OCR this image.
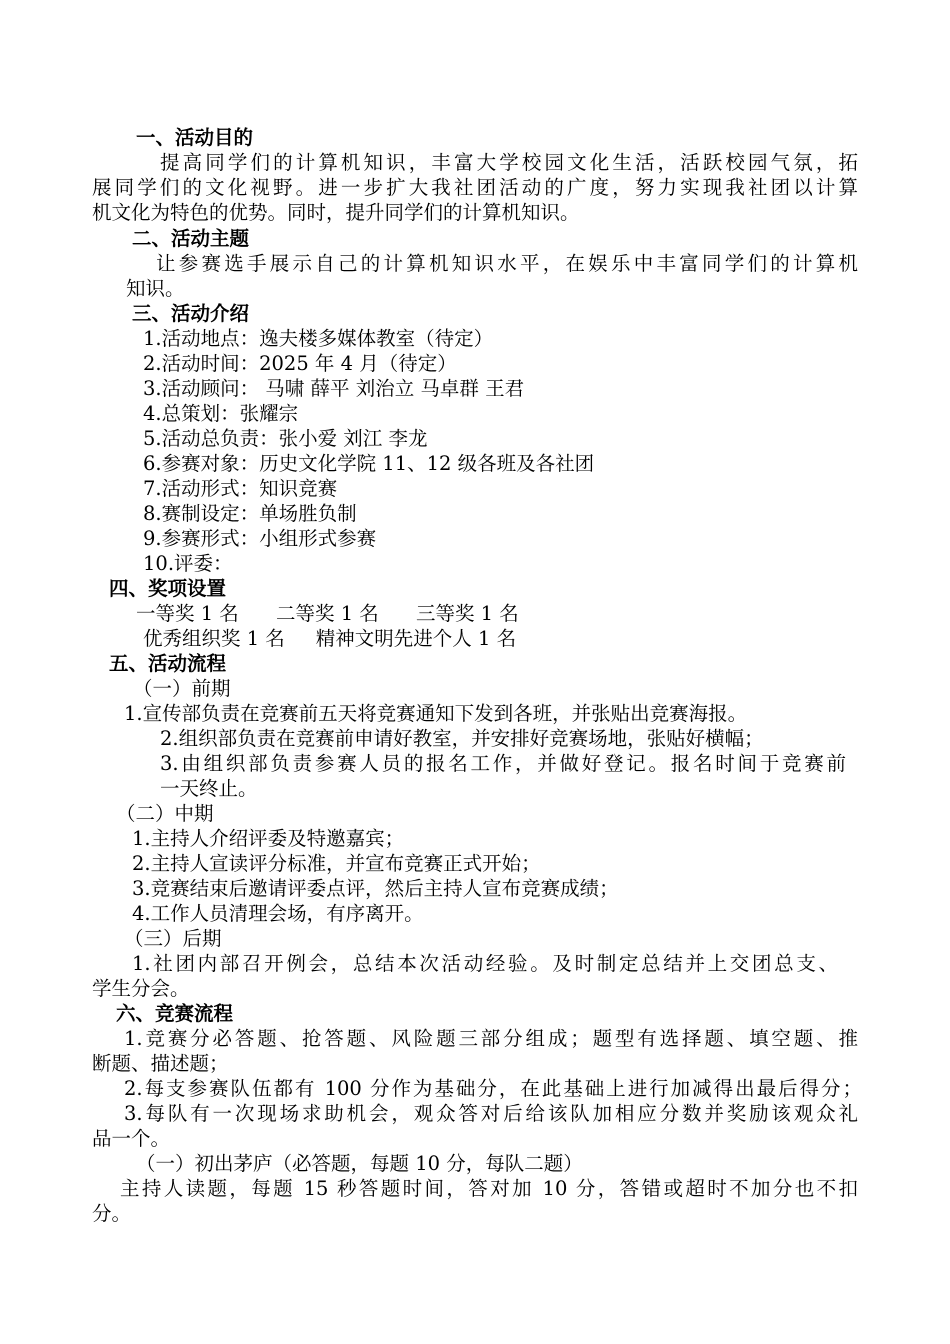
一、活动目的

提高同学们的计算机知识，丰富大学校园文化生活，活跃校园气氛，拓

展同学们的文化视野。进一步扩大我社团活动的广度，努力实现我社团以计算

机文化为特色的优势。同时，提升同学们的计算机知识。

二、活动主题

让参赛选手展示自己的计算机知识水平，在娱乐中丰富同学们的计算机

知识。

三、活动介绍

1.活动地点：逸夫楼多媒体教室（待定）

2.活动时间：2025 年 4 月（待定）

3.活动顾问： 马啸 薛平 刘治立 马卓群 王君

4.总策划：张耀宗

5.活动总负责：张小爱 刘江 李龙

6.参赛对象：历史文化学院 11、12 级各班及各社团

7.活动形式：知识竞赛

8.赛制设定：单场胜负制

9.参赛形式：小组形式参赛

10.评委：

四、奖项设置

一等奖 1 名      二等奖 1 名      三等奖 1 名

优秀组织奖 1 名     精神文明先进个人 1 名

五、活动流程

（一）前期

1.宣传部负责在竞赛前五天将竞赛通知下发到各班，并张贴出竞赛海报。

2.组织部负责在竞赛前申请好教室，并安排好竞赛场地，张贴好横幅；

3.由组织部负责参赛人员的报名工作，并做好登记。报名时间于竞赛前

一天终止。

（二）中期

1.主持人介绍评委及特邀嘉宾；

2.主持人宣读评分标准，并宣布竞赛正式开始；

3.竞赛结束后邀请评委点评，然后主持人宣布竞赛成绩；

4.工作人员清理会场，有序离开。

（三）后期

1.社团内部召开例会，总结本次活动经验。及时制定总结并上交团总支、

学生分会。

六、竞赛流程

1.竞赛分必答题、抢答题、风险题三部分组成；题型有选择题、填空题、推

断题、描述题；

2.每支参赛队伍都有 100 分作为基础分，在此基础上进行加减得出最后得分；

3.每队有一次现场求助机会，观众答对后给该队加相应分数并奖励该观众礼

品一个。

（一）初出茅庐（必答题，每题 10 分，每队二题）

主持人读题，每题 15 秒答题时间，答对加 10 分，答错或超时不加分也不扣

分。
